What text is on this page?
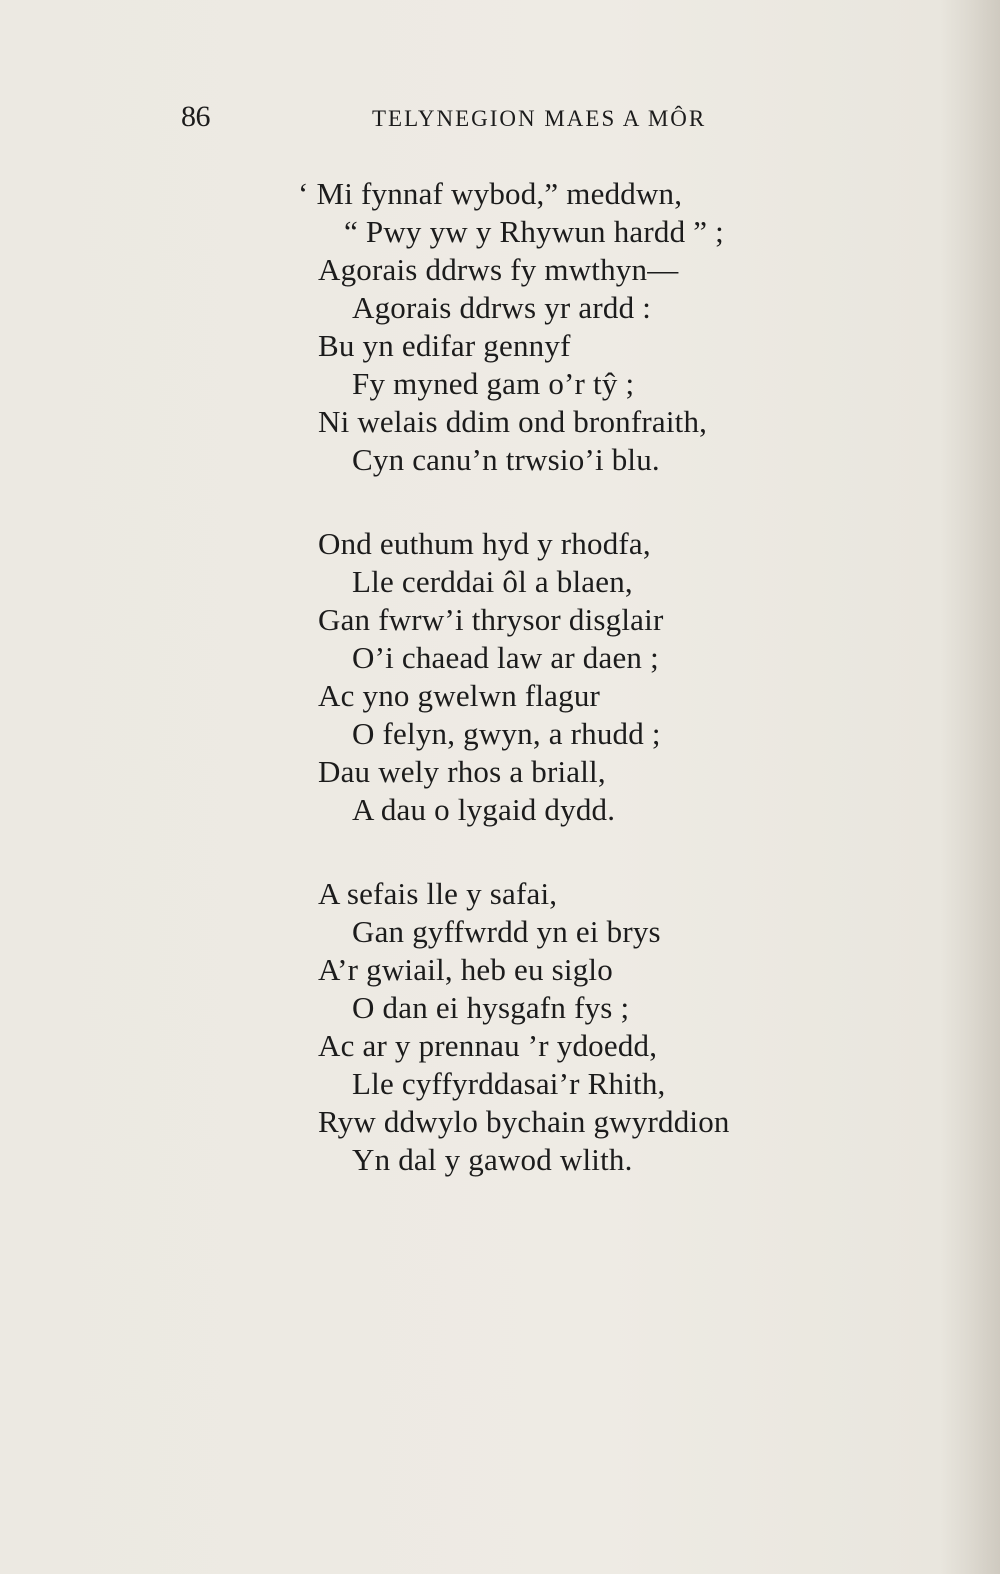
86	TELYNEGION MAES A MÔR
‘ Mi fynnaf wybod,” meddwn,
“ Pwy yw y Rhywun hardd ” ;
Agorais ddrws fy mwthyn—
Agorais ddrws yr ardd :
Bu yn edifar gennyf
Fy myned gam o’r tŷ ;
Ni welais ddim ond bronfraith,
Cyn canu’n trwsio’i blu.
Ond euthum hyd y rhodfa,
Lle cerddai ôl a blaen,
Gan fwrw’i thrysor disglair
O’i chaead law ar daen ;
Ac yno gwelwn flagur
O felyn, gwyn, a rhudd ;
Dau wely rhos a briall,
A dau o lygaid dydd.
A sefais lle y safai,
Gan gyffwrdd yn ei brys
A’r gwiail, heb eu siglo
O dan ei hysgafn fys ;
Ac ar y prennau ’r ydoedd,
Lle cyffyrddasai’r Rhith,
Ryw ddwylo bychain gwyrddion
Yn dal y gawod wlith.
